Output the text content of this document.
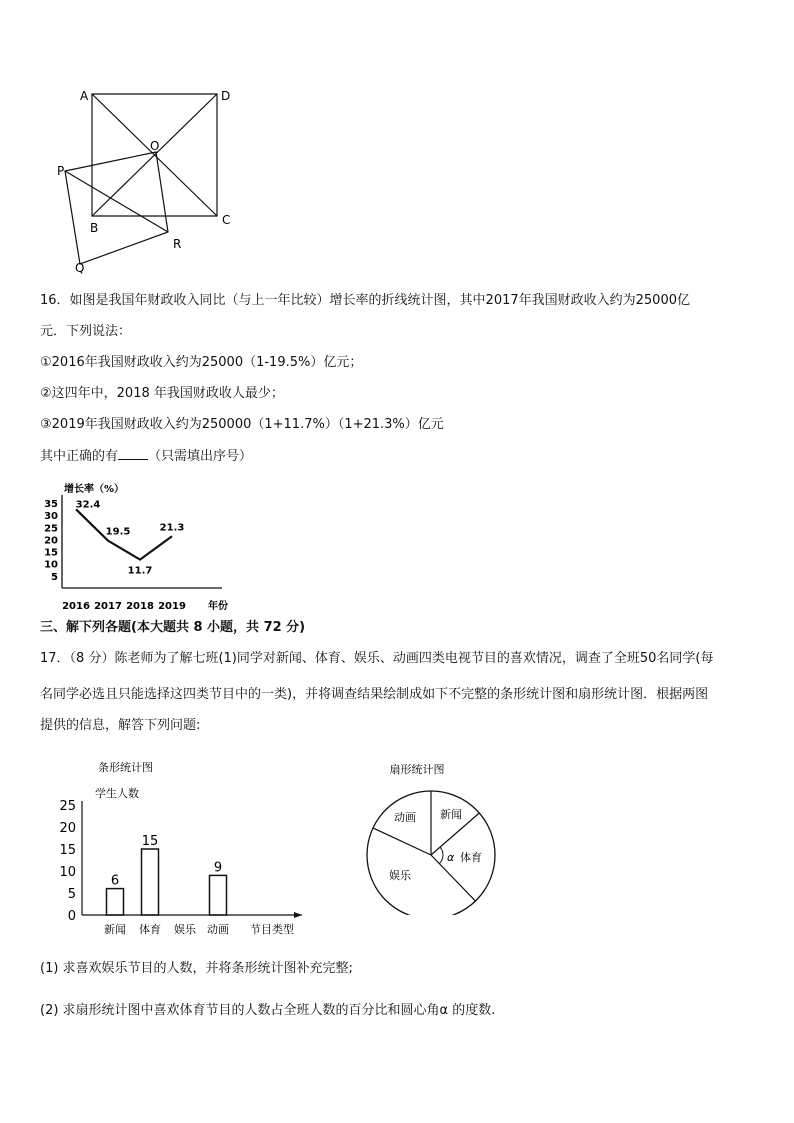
A	D
O
P
B
C
R
Q
16．如图是我国年财政收入同比（与上一年比较）增长率的折线统计图，其中2017年我国财政收入约为25000亿
元．下列说法：
①2016年我国财政收入约为25000（1-19.5%）亿元；
②这四年中，2018 年我国财政收人最少；
③2019年我国财政收入约为250000（1+11.7%）（1+21.3%）亿元
其中正确的有 （只需填出序号）
增长率（%）
5
10
15
20
25
30
35
2016 2017 2018 2019 年份
32.4
19.5
11.7
21.3
三、解下列各题(本大题共 8 小题，共 72 分)
17．（8 分）陈老师为了解七班(1)同学对新闻、体育、娱乐、动画四类电视节目的喜欢情况，调查了全班50名同学(每
名同学必选且只能选择这四类节目中的一类)，并将调查结果绘制成如下不完整的条形统计图和扇形统计图．根据两图
提供的信息，解答下列问题:
条形统计图
学生人数
0
5
10
15
20
25
新闻
6
体育
15
娱乐 动画
9
节目类型
扇形统计图
动画 新闻
体育
娱乐
α
(1) 求喜欢娱乐节目的人数，并将条形统计图补充完整;
(2) 求扇形统计图中喜欢体育节目的人数占全班人数的百分比和圆心角α 的度数.
